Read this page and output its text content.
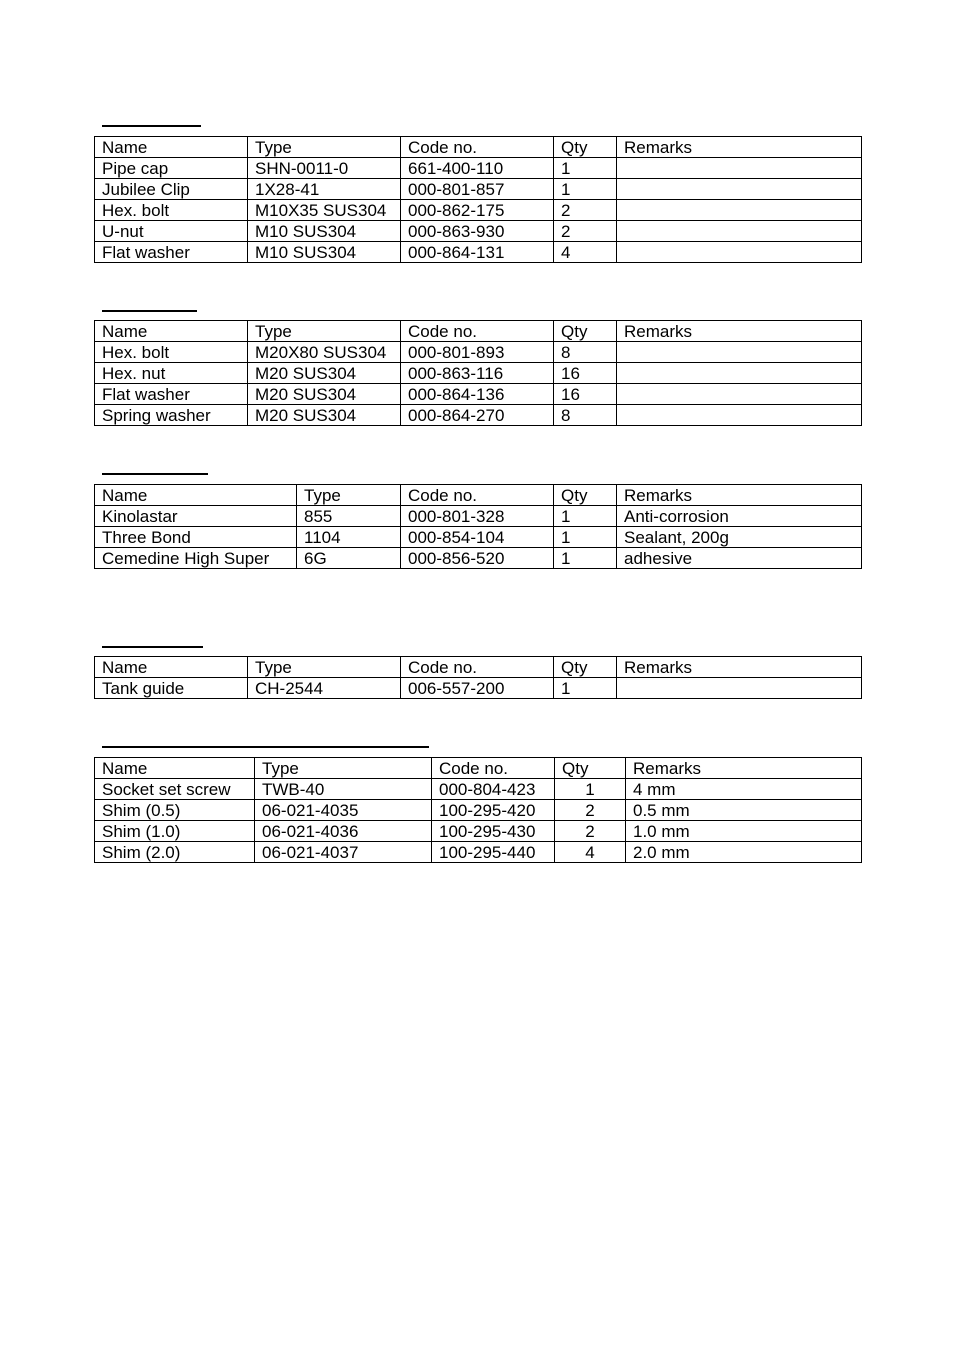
Name	Type	Code no.	Qty	Remarks
Pipe cap	SHN-0011-0	661-400-110	1	
Jubilee Clip	1X28-41	000-801-857	1	
Hex. bolt	M10X35 SUS304	000-862-175	2	
U-nut	M10 SUS304	000-863-930	2	
Flat washer	M10 SUS304	000-864-131	4	
Name	Type	Code no.	Qty	Remarks
Hex. bolt	M20X80 SUS304	000-801-893	8	
Hex. nut	M20 SUS304	000-863-116	16	
Flat washer	M20 SUS304	000-864-136	16	
Spring washer	M20 SUS304	000-864-270	8	
Name	Type	Code no.	Qty	Remarks
Kinolastar	855	000-801-328	1	Anti-corrosion
Three Bond	1104	000-854-104	1	Sealant, 200g
Cemedine High Super	6G	000-856-520	1	adhesive
Name	Type	Code no.	Qty	Remarks
Tank guide	CH-2544	006-557-200	1	
Name	Type	Code no.	Qty	Remarks
Socket set screw	TWB-40	000-804-423	1	4 mm
Shim (0.5)	06-021-4035	100-295-420	2	0.5 mm
Shim (1.0)	06-021-4036	100-295-430	2	1.0 mm
Shim (2.0)	06-021-4037	100-295-440	4	2.0 mm
